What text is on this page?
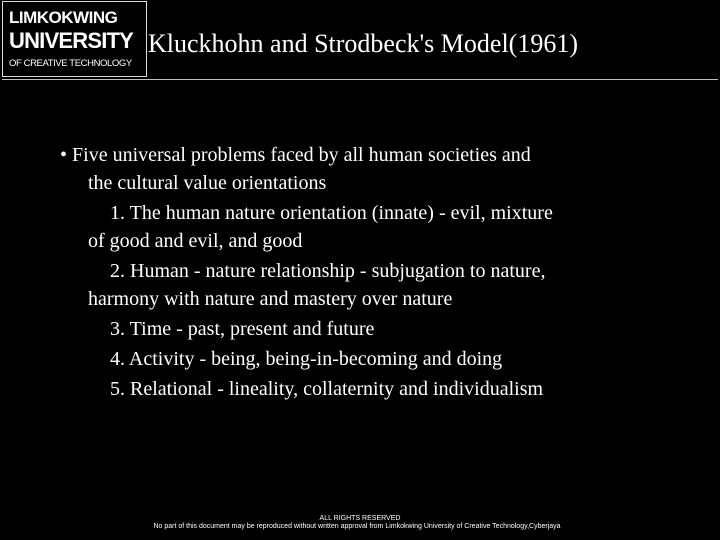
LIMKOKWING
UNIVERSITY
OF CREATIVE TECHNOLOGY
Kluckhohn and Strodbeck's Model(1961)
• Five universal problems faced by all human societies and
the cultural value orientations
1. The human nature orientation (innate) - evil, mixture
of good and evil, and good
2. Human - nature relationship - subjugation to nature,
harmony with nature and mastery over nature
3. Time - past, present and future
4. Activity - being, being-in-becoming and doing
5. Relational - lineality, collaternity and individualism
ALL RIGHTS RESERVED
No part of this document may be reproduced without written approval from Limkokwing University of Creative Technology,Cyberjaya
